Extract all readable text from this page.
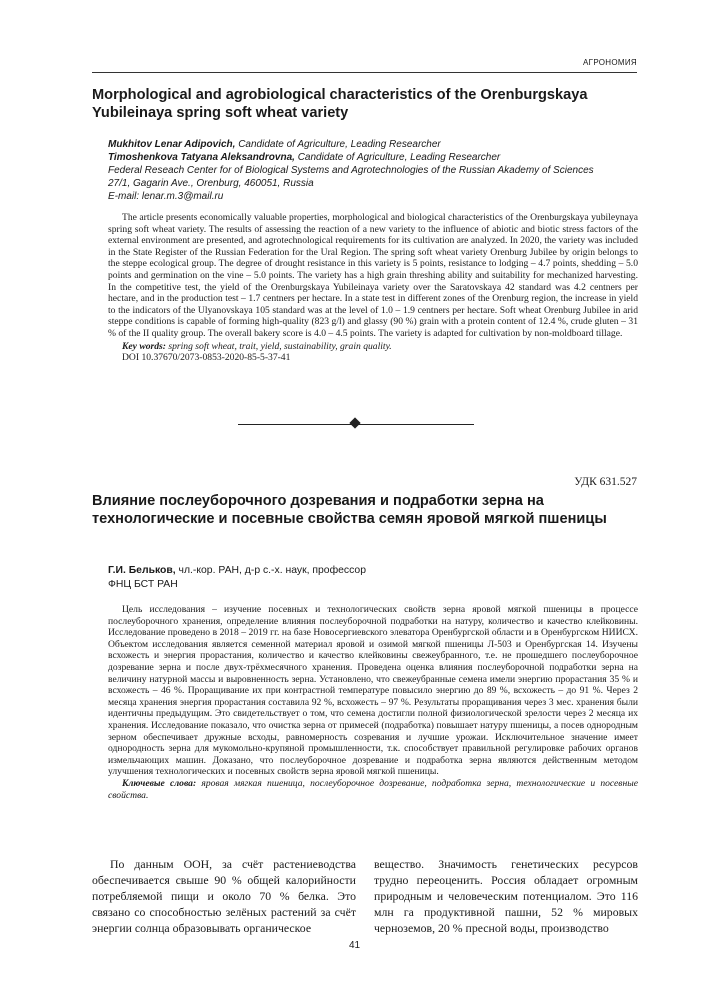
АГРОНОМИЯ
Morphological and agrobiological characteristics of the Orenburgskaya Yubileinaya spring soft wheat variety
Mukhitov Lenar Adipovich, Candidate of Agriculture, Leading Researcher
Timoshenkova Tatyana Aleksandrovna, Candidate of Agriculture, Leading Researcher
Federal Reseach Center for of Biological Systems and Agrotechnologies of the Russian Akademy of Sciences
27/1, Gagarin Ave., Orenburg, 460051, Russia
E-mail: lenar.m.3@mail.ru

The article presents economically valuable properties, morphological and biological characteristics of the Orenburgskaya yubileynaya spring soft wheat variety. The results of assessing the reaction of a new variety to the influence of abiotic and biotic stress factors of the external environment are presented, and agrotechnological requirements for its cultivation are analyzed. In 2020, the variety was included in the State Register of the Russian Federation for the Ural Region. The spring soft wheat variety Orenburg Jubilee by origin belongs to the steppe ecological group. The degree of drought resistance in this variety is 5 points, resistance to lodging – 4.7 points, shedding – 5.0 points and germination on the vine – 5.0 points. The variety has a high grain threshing ability and suitability for mechanized harvesting. In the competitive test, the yield of the Orenburgskaya Yubileinaya variety over the Saratovskaya 42 standard was 4.2 centners per hectare, and in the production test – 1.7 centners per hectare. In a state test in different zones of the Orenburg region, the increase in yield to the indicators of the Ulyanovskaya 105 standard was at the level of 1.0 – 1.9 centners per hectare. Soft wheat Orenburg Jubilee in arid steppe conditions is capable of forming high-quality (823 g/l) and glassy (90 %) grain with a protein content of 12.4 %, crude gluten – 31 % of the II quality group. The overall bakery score is 4.0 – 4.5 points. The variety is adapted for cultivation by non-moldboard tillage.

Key words: spring soft wheat, trait, yield, sustainability, grain quality.

DOI 10.37670/2073-0853-2020-85-5-37-41

УДК 631.527
Влияние послеуборочного дозревания и подработки зерна на технологические и посевные свойства семян яровой мягкой пшеницы
Г.И. Бельков, чл.-кор. РАН, д-р с.-х. наук, профессор
ФНЦ БСТ РАН

Цель исследования – изучение посевных и технологических свойств зерна яровой мягкой пшеницы в процессе послеуборочного хранения, определение влияния послеуборочной подработки на натуру, количество и качество клейковины. Исследование проведено в 2018 – 2019 гг. на базе Новосергиевского элеватора Оренбургской области и в Оренбургском НИИСХ. Объектом исследования является семенной материал яровой и озимой мягкой пшеницы Л-503 и Оренбургская 14. Изучены всхожесть и энергия прорастания, количество и качество клейковины свежеубранного, т.е. не прошедшего послеуборочное дозревание зерна и после двух-трёхмесячного хранения. Проведена оценка влияния послеуборочной подработки зерна на величину натурной массы и выровненность зерна. Установлено, что свежеубранные семена имели энергию прорастания 35 % и всхожесть – 46 %. Проращивание их при контрастной температуре повысило энергию до 89 %, всхожесть – до 91 %. Через 2 месяца хранения энергия прорастания составила 92 %, всхожесть – 97 %. Результаты проращивания через 3 мес. хранения были идентичны предыдущим. Это свидетельствует о том, что семена достигли полной физиологической зрелости через 2 месяца их хранения. Исследование показало, что очистка зерна от примесей (подработка) повышает натуру пшеницы, а посев однородным зерном обеспечивает дружные всходы, равномерность созревания и лучшие урожаи. Исключительное значение имеет однородность зерна для мукомольно-крупяной промышленности, т.к. способствует правильной регулировке рабочих органов измельчающих машин. Доказано, что послеуборочное дозревание и подработка зерна являются действенным методом улучшения технологических и посевных свойств зерна яровой мягкой пшеницы.

Ключевые слова: яровая мягкая пшеница, послеуборочное дозревание, подработка зерна, технологические и посевные свойства.

По данным ООН, за счёт растениеводства обеспечивается свыше 90 % общей калорийности потребляемой пищи и около 70 % белка. Это связано со способностью зелёных растений за счёт энергии солнца образовывать органическое

вещество. Значимость генетических ресурсов трудно переоценить. Россия обладает огромным природным и человеческим потенциалом. Это 116 млн га продуктивной пашни, 52 % мировых черноземов, 20 % пресной воды, производство

41
